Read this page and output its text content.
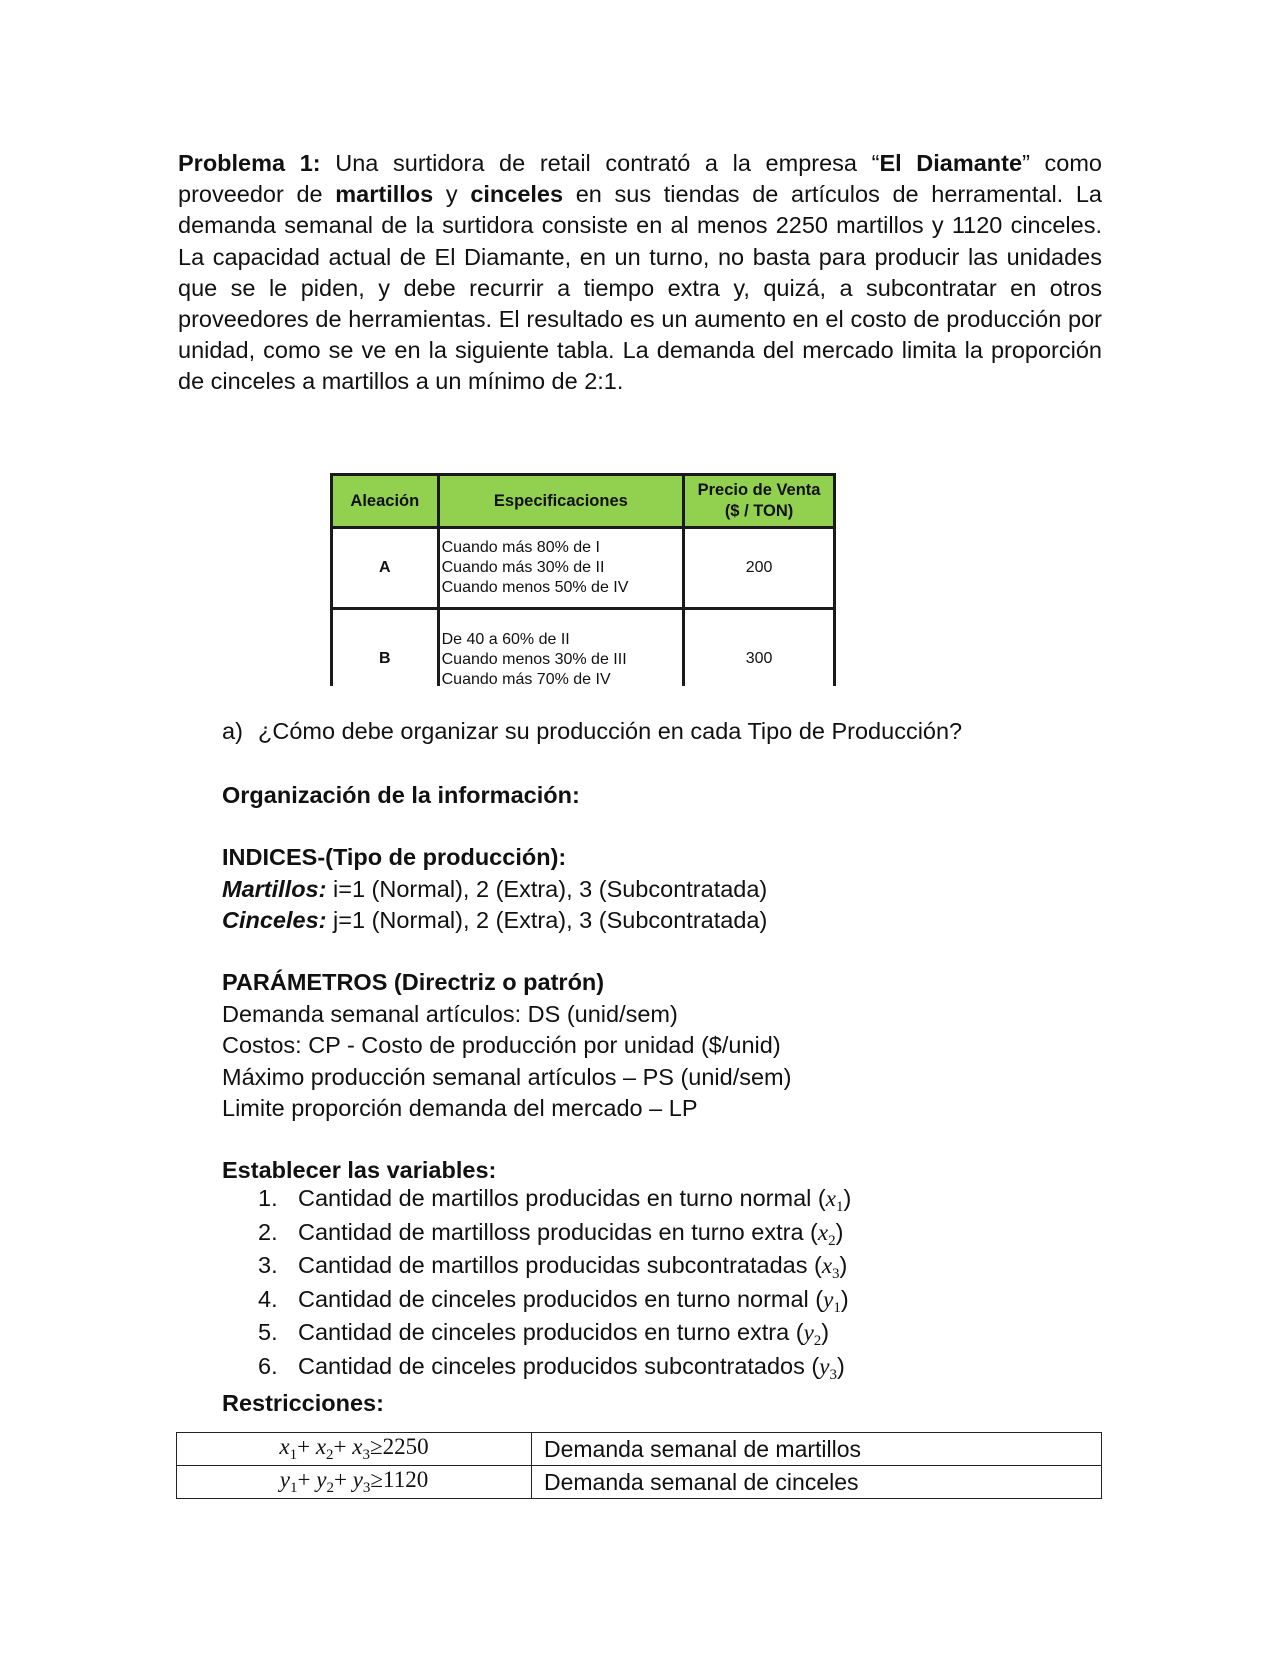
Problema 1: Una surtidora de retail contrató a la empresa “El Diamante” como proveedor de martillos y cinceles en sus tiendas de artículos de herramental. La demanda semanal de la surtidora consiste en al menos 2250 martillos y 1120 cinceles. La capacidad actual de El Diamante, en un turno, no basta para producir las unidades que se le piden, y debe recurrir a tiempo extra y, quizá, a subcontratar en otros proveedores de herramientas. El resultado es un aumento en el costo de producción por unidad, como se ve en la siguiente tabla. La demanda del mercado limita la proporción de cinceles a martillos a un mínimo de 2:1.

Aleación	Especificaciones	Precio de Venta
($ / TON)
A	Cuando más 80% de I
Cuando más 30% de II
Cuando menos 50% de IV	200
B	De 40 a 60% de II
Cuando menos 30% de III
Cuando más 70% de IV	300
a) ¿Cómo debe organizar su producción en cada Tipo de Producción?
Organización de la información:
INDICES-(Tipo de producción):
Martillos: i=1 (Normal), 2 (Extra), 3 (Subcontratada)
Cinceles: j=1 (Normal), 2 (Extra), 3 (Subcontratada)
PARÁMETROS (Directriz o patrón)
Demanda semanal artículos: DS (unid/sem)
Costos: CP - Costo de producción por unidad ($/unid)
Máximo producción semanal artículos – PS (unid/sem)
Limite proporción demanda del mercado – LP
Establecer las variables:
1. Cantidad de martillos producidas en turno normal $(x_1)$
2. Cantidad de martilloss producidas en turno extra $(x_2)$
3. Cantidad de martillos producidas subcontratadas $(x_3)$
4. Cantidad de cinceles producidos en turno normal $(y_1)$
5. Cantidad de cinceles producidos en turno extra $(y_2)$
6. Cantidad de cinceles producidos subcontratados $(y_3)$
Restricciones:
$x_1+ x_2+ x_3\ge 2250$	Demanda semanal de martillos
$y_1+ y_2+ y_3\ge 1120$	Demanda semanal de cinceles
